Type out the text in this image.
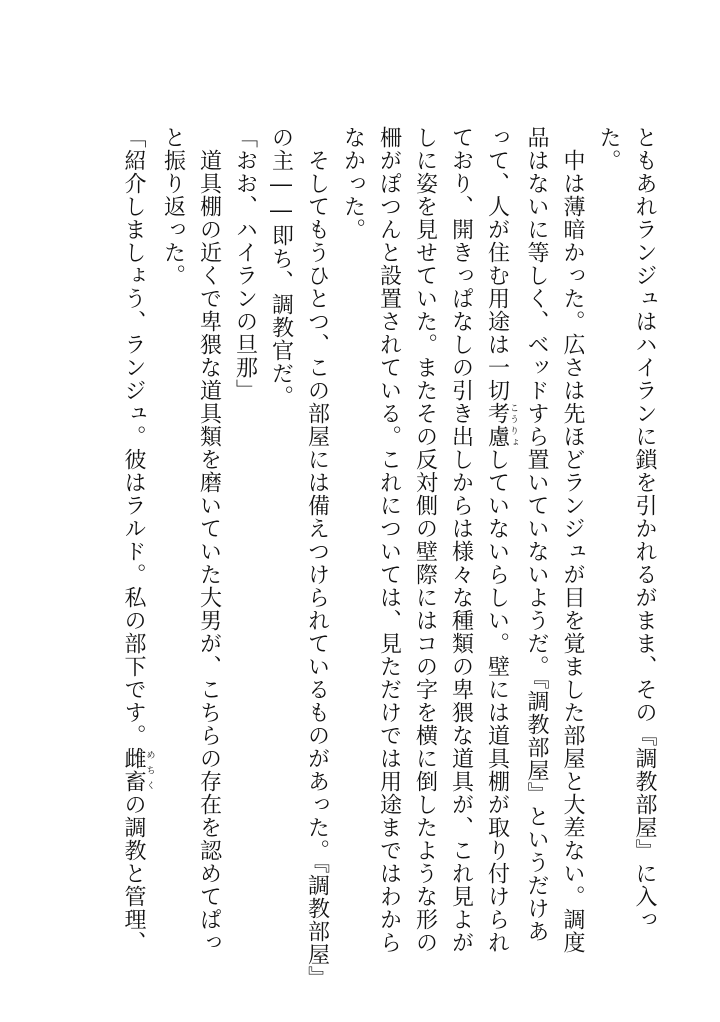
ともあれランジュはハイランに鎖を引かれるがまま、その『調教部屋』に入っ
た。
　中は薄暗かった。広さは先ほどランジュが目を覚ました部屋と大差ない。調度
品はないに等しく、ベッドすら置いていないようだ。『調教部屋』というだけあ
って、人が住む用途は一切考慮こうりょしていないらしい。壁には道具棚が取り付けられ
ており、開きっぱなしの引き出しからは様々な種類の卑猥な道具が、これ見よが
しに姿を見せていた。またその反対側の壁際にはコの字を横に倒したような形の
柵がぽつんと設置されている。これについては、見ただけでは用途まではわから
なかった。
　そしてもうひとつ、この部屋には備えつけられているものがあった。『調教部屋』
の主――即ち、調教官だ。
「おお、ハイランの旦那」
　道具棚の近くで卑猥な道具類を磨いていた大男が、こちらの存在を認めてぱっ
と振り返った。
「紹介しましょう、ランジュ。彼はラルド。私の部下です。雌畜めちくの調教と管理、
